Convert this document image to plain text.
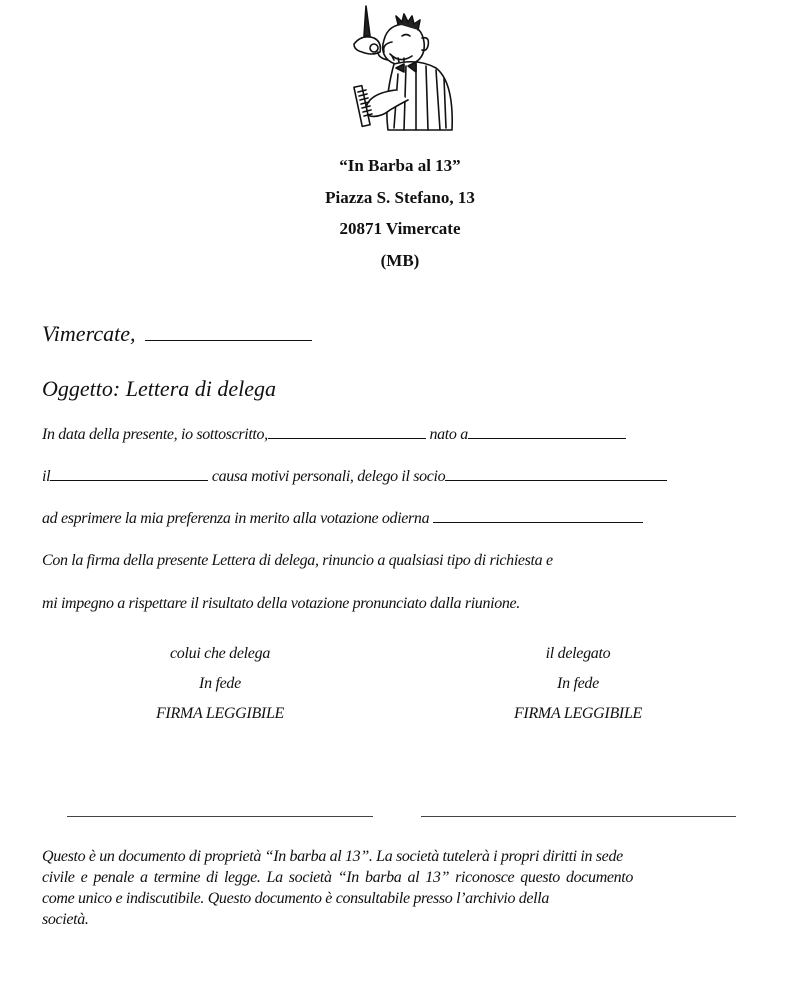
“In Barba al 13”
Piazza S. Stefano, 13
20871 Vimercate
(MB)
Vimercate,
Oggetto: Lettera di delega
In data della presente, io sottoscritto,	nato a
il	causa motivi personali, delego il socio
ad esprimere la mia preferenza in merito alla votazione odierna
Con la firma della presente Lettera di delega, rinuncio a qualsiasi tipo di richiesta e
mi impegno a rispettare il risultato della votazione pronunciato dalla riunione.
colui che delega
In fede
FIRMA LEGGIBILE
il delegato
In fede
FIRMA LEGGIBILE
Questo è un documento di proprietà “In barba al 13”. La società tutelerà i propri diritti in sede
civile e penale a termine di legge. La società “In barba al 13” riconosce questo documento
come unico e indiscutibile. Questo documento è consultabile presso l’archivio della
società.
